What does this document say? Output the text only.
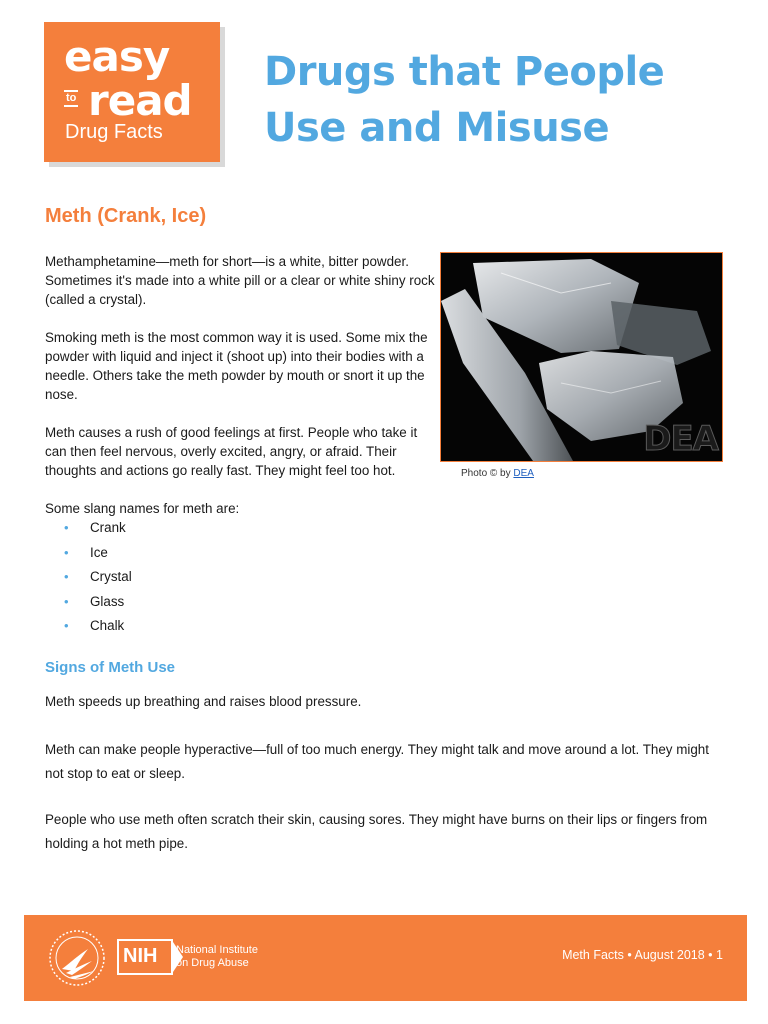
easy
to read
Drug Facts
Drugs that People
Use and Misuse
Meth (Crank, Ice)

Methamphetamine—meth for short—is a white, bitter powder. Sometimes it's made into a white pill or a clear or white shiny rock (called a crystal).

Smoking meth is the most common way it is used. Some mix the powder with liquid and inject it (shoot up) into their bodies with a needle. Others take the meth powder by mouth or snort it up the nose.

Meth causes a rush of good feelings at first. People who take it can then feel nervous, overly excited, angry, or afraid. Their thoughts and actions go really fast. They might feel too hot.

Some slang names for meth are:

DEA

Photo © by DEA

• Crank
• Ice
• Crystal
• Glass
• Chalk
Signs of Meth Use

Meth speeds up breathing and raises blood pressure.

Meth can make people hyperactive—full of too much energy. They might talk and move around a lot. They might not stop to eat or sleep.

People who use meth often scratch their skin, causing sores. They might have burns on their lips or fingers from holding a hot meth pipe.

NIH National Institute
on Drug Abuse
Meth Facts • August 2018 • 1
